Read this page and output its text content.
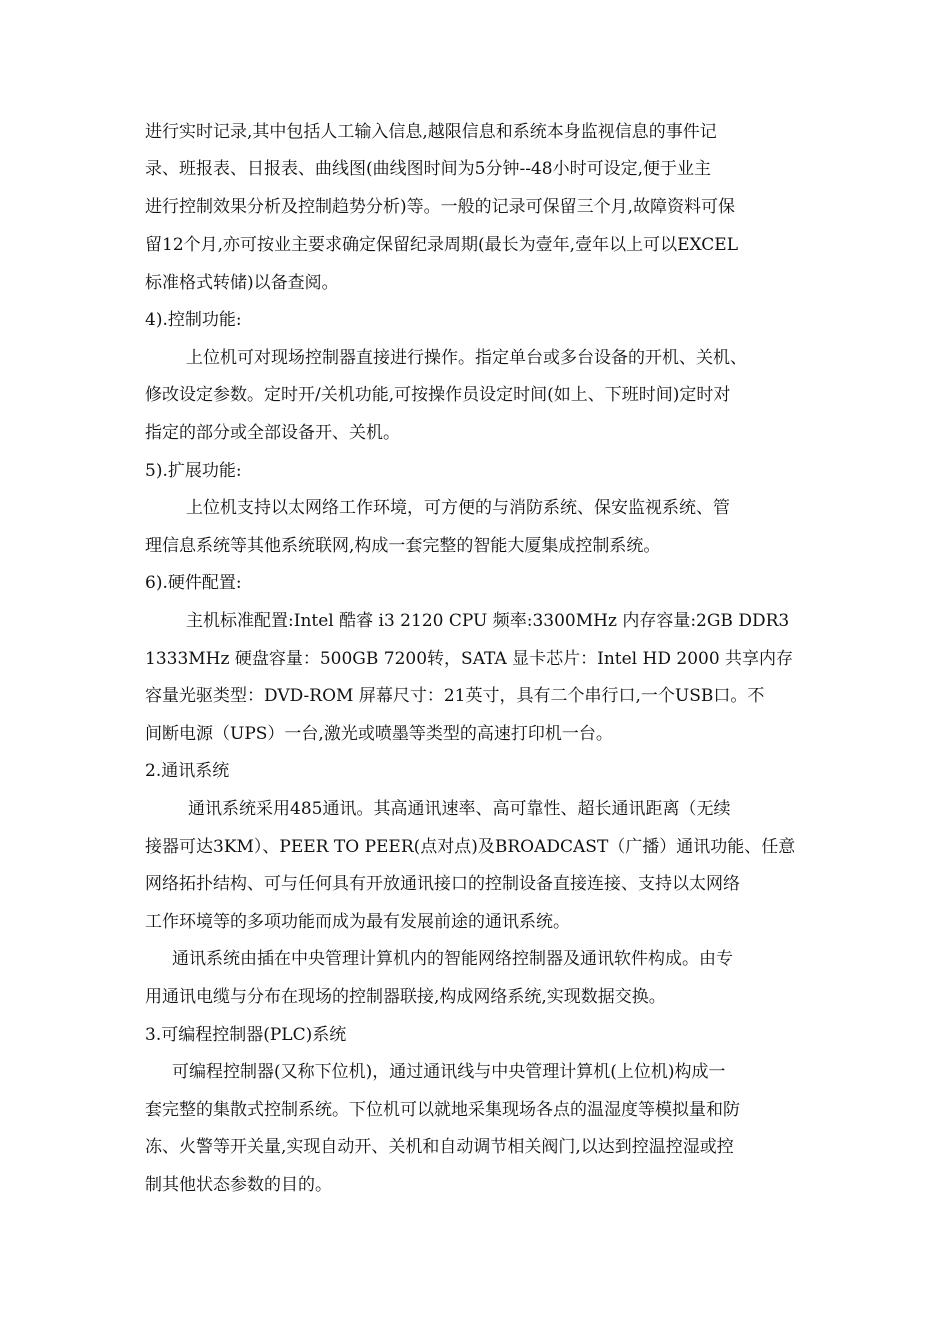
进行实时记录,其中包括人工输入信息,越限信息和系统本身监视信息的事件记
录、班报表、日报表、曲线图(曲线图时间为5分钟--48小时可设定,便于业主
进行控制效果分析及控制趋势分析)等。一般的记录可保留三个月,故障资料可保
留12个月,亦可按业主要求确定保留纪录周期(最长为壹年,壹年以上可以EXCEL
标准格式转储)以备查阅。
4).控制功能:
上位机可对现场控制器直接进行操作。指定单台或多台设备的开机、关机、
修改设定参数。定时开/关机功能,可按操作员设定时间(如上、下班时间)定时对
指定的部分或全部设备开、关机。
5).扩展功能:
上位机支持以太网络工作环境，可方便的与消防系统、保安监视系统、管
理信息系统等其他系统联网,构成一套完整的智能大厦集成控制系统。
6).硬件配置:
主机标准配置:Intel 酷睿 i3 2120 CPU 频率:3300MHz 内存容量:2GB DDR3
1333MHz 硬盘容量：500GB 7200转，SATA 显卡芯片：Intel HD 2000 共享内存
容量光驱类型：DVD-ROM 屏幕尺寸：21英寸，具有二个串行口,一个USB口。不
间断电源（UPS）一台,激光或喷墨等类型的高速打印机一台。
2.通讯系统
通讯系统采用485通讯。其高通讯速率、高可靠性、超长通讯距离（无续
接器可达3KM）、PEER TO PEER(点对点)及BROADCAST（广播）通讯功能、任意
网络拓扑结构、可与任何具有开放通讯接口的控制设备直接连接、支持以太网络
工作环境等的多项功能而成为最有发展前途的通讯系统。
通讯系统由插在中央管理计算机内的智能网络控制器及通讯软件构成。由专
用通讯电缆与分布在现场的控制器联接,构成网络系统,实现数据交换。
3.可编程控制器(PLC)系统
可编程控制器(又称下位机)，通过通讯线与中央管理计算机(上位机)构成一
套完整的集散式控制系统。下位机可以就地采集现场各点的温湿度等模拟量和防
冻、火警等开关量,实现自动开、关机和自动调节相关阀门,以达到控温控湿或控
制其他状态参数的目的。
